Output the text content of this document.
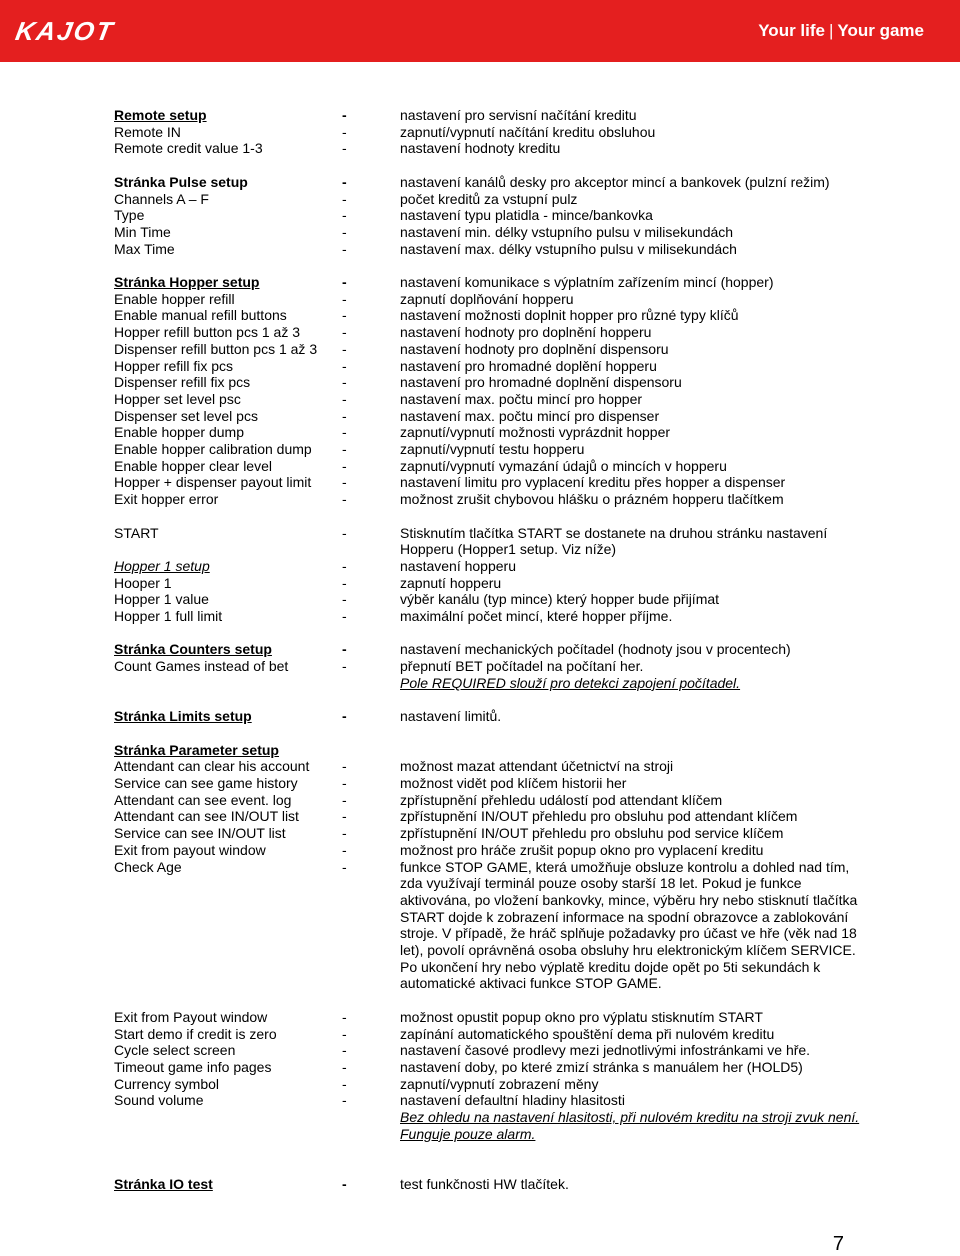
KAJOT	Your life | Your game
Remote setup	-	nastavení pro servisní načítání kreditu
Remote IN	-	zapnutí/vypnutí načítání kreditu obsluhou
Remote credit value 1-3	-	nastavení hodnoty kreditu
Stránka Pulse setup	-	nastavení kanálů desky pro akceptor mincí a bankovek (pulzní režim)
Channels A – F	-	počet kreditů za vstupní pulz
Type	-	nastavení typu platidla - mince/bankovka
Min Time	-	nastavení min. délky vstupního pulsu v milisekundách
Max Time	-	nastavení max. délky vstupního pulsu v milisekundách
Stránka Hopper setup	-	nastavení komunikace s výplatním zařízením mincí (hopper)
Enable hopper refill	-	zapnutí doplňování hopperu
Enable manual refill buttons	-	nastavení možnosti doplnit hopper pro různé typy klíčů
Hopper refill button pcs 1 až 3	-	nastavení hodnoty pro doplnění hopperu
Dispenser refill button pcs 1 až 3	-	nastavení hodnoty pro doplnění dispensoru
Hopper refill fix pcs	-	nastavení pro hromadné doplění hopperu
Dispenser refill fix pcs	-	nastavení pro hromadné doplnění dispensoru
Hopper set level psc	-	nastavení max. počtu mincí pro hopper
Dispenser set level pcs	-	nastavení max. počtu mincí pro dispenser
Enable hopper dump	-	zapnutí/vypnutí možnosti vyprázdnit hopper
Enable hopper calibration dump	-	zapnutí/vypnutí testu hopperu
Enable hopper clear level	-	zapnutí/vypnutí vymazání údajů o mincích v hopperu
Hopper + dispenser payout limit	-	nastavení limitu pro vyplacení kreditu přes hopper a dispenser
Exit hopper error	-	možnost zrušit chybovou hlášku o prázném hopperu tlačítkem
START	-	Stisknutím tlačítka START se dostanete na druhou stránku nastavení
Hopperu (Hopper1 setup. Viz níže)
Hopper 1 setup	-	nastavení hopperu
Hooper 1	-	zapnutí hopperu
Hopper 1 value	-	výběr kanálu (typ mince) který hopper bude přijímat
Hopper 1 full limit	-	maximální počet mincí, které hopper příjme.
Stránka Counters setup	-	nastavení mechanických počítadel (hodnoty jsou v procentech)
Count Games instead of bet	-	přepnutí BET počítadel na počítaní her.
Pole REQUIRED slouží pro detekci zapojení počítadel.
Stránka Limits setup	-	nastavení limitů.
Stránka Parameter setup
Attendant can clear his account	-	možnost mazat attendant účetnictví na stroji
Service can see game history	-	možnost vidět pod klíčem historii her
Attendant can see event. log	-	zpřístupnění přehledu událostí pod attendant klíčem
Attendant can see IN/OUT list	-	zpřístupnění IN/OUT přehledu pro obsluhu pod attendant klíčem
Service can see IN/OUT list	-	zpřístupnění IN/OUT přehledu pro obsluhu pod service klíčem
Exit from payout window	-	možnost pro hráče zrušit popup okno pro vyplacení kreditu
Check Age	-	funkce STOP GAME, která umožňuje obsluze kontrolu a dohled nad tím, zda využívají terminál pouze osoby starší 18 let. Pokud je funkce aktivována, po vložení bankovky, mince, výběru hry nebo stisknutí tlačítka START dojde k zobrazení informace na spodní obrazovce a zablokování stroje. V případě, že hráč splňuje požadavky pro účast ve hře (věk nad 18 let), povolí oprávněná osoba obsluhy hru elektronickým klíčem SERVICE. Po ukončení hry nebo výplatě kreditu dojde opět po 5ti sekundách k automatické aktivaci funkce STOP GAME.
Exit from Payout window	-	možnost opustit popup okno pro výplatu stisknutím START
Start demo if credit is zero	-	zapínání automatického spouštění dema při nulovém kreditu
Cycle select screen	-	nastavení časové prodlevy mezi jednotlivými infostránkami ve hře.
Timeout game info pages	-	nastavení doby, po které zmizí stránka s manuálem her (HOLD5)
Currency symbol	-	zapnutí/vypnutí zobrazení měny
Sound volume	-	nastavení defaultní hladiny hlasitosti
Bez ohledu na nastavení hlasitosti, při nulovém kreditu na stroji zvuk není. Funguje pouze alarm.
Stránka IO test	-	test funkčnosti HW tlačítek.
7
